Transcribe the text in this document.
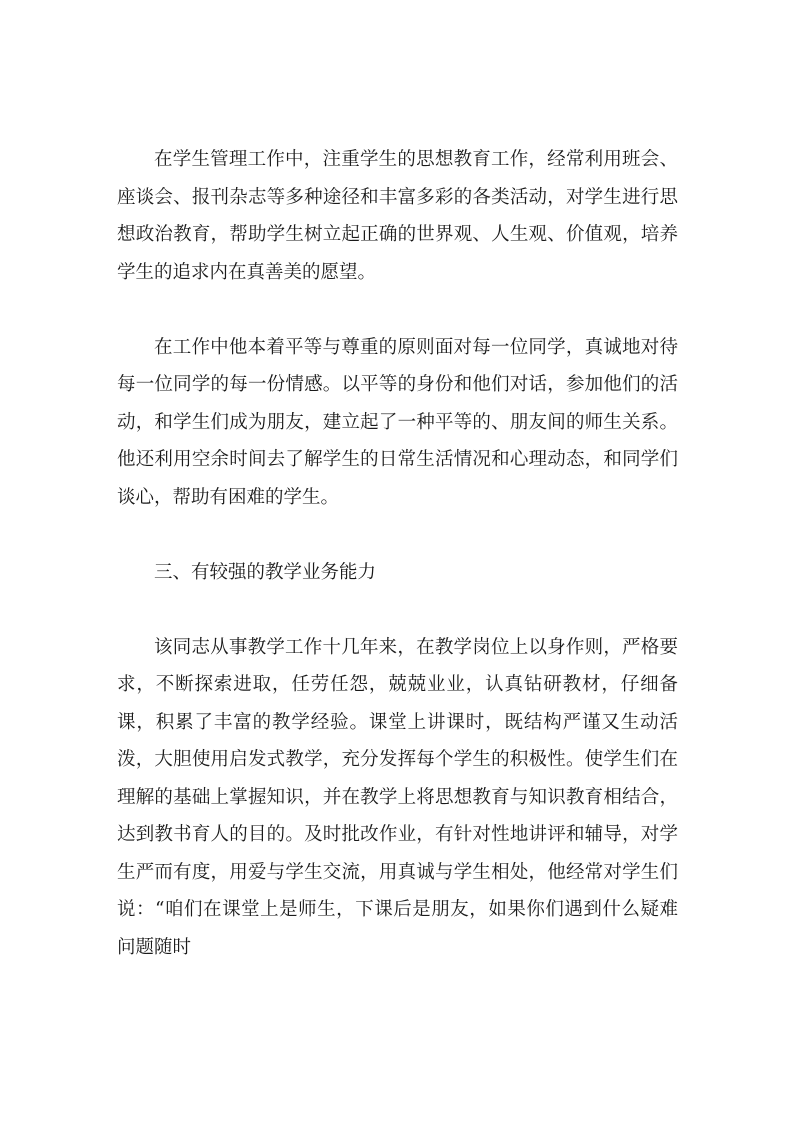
在学生管理工作中，注重学生的思想教育工作，经常利用班会、座谈会、报刊杂志等多种途径和丰富多彩的各类活动，对学生进行思想政治教育，帮助学生树立起正确的世界观、人生观、价值观，培养学生的追求内在真善美的愿望。

在工作中他本着平等与尊重的原则面对每一位同学，真诚地对待每一位同学的每一份情感。以平等的身份和他们对话，参加他们的活动，和学生们成为朋友，建立起了一种平等的、朋友间的师生关系。他还利用空余时间去了解学生的日常生活情况和心理动态，和同学们谈心，帮助有困难的学生。

三、有较强的教学业务能力

该同志从事教学工作十几年来，在教学岗位上以身作则，严格要求，不断探索进取，任劳任怨，兢兢业业，认真钻研教材，仔细备课，积累了丰富的教学经验。课堂上讲课时，既结构严谨又生动活泼，大胆使用启发式教学，充分发挥每个学生的积极性。使学生们在理解的基础上掌握知识，并在教学上将思想教育与知识教育相结合，达到教书育人的目的。及时批改作业，有针对性地讲评和辅导，对学生严而有度，用爱与学生交流，用真诚与学生相处，他经常对学生们说：“咱们在课堂上是师生，下课后是朋友，如果你们遇到什么疑难问题随时
